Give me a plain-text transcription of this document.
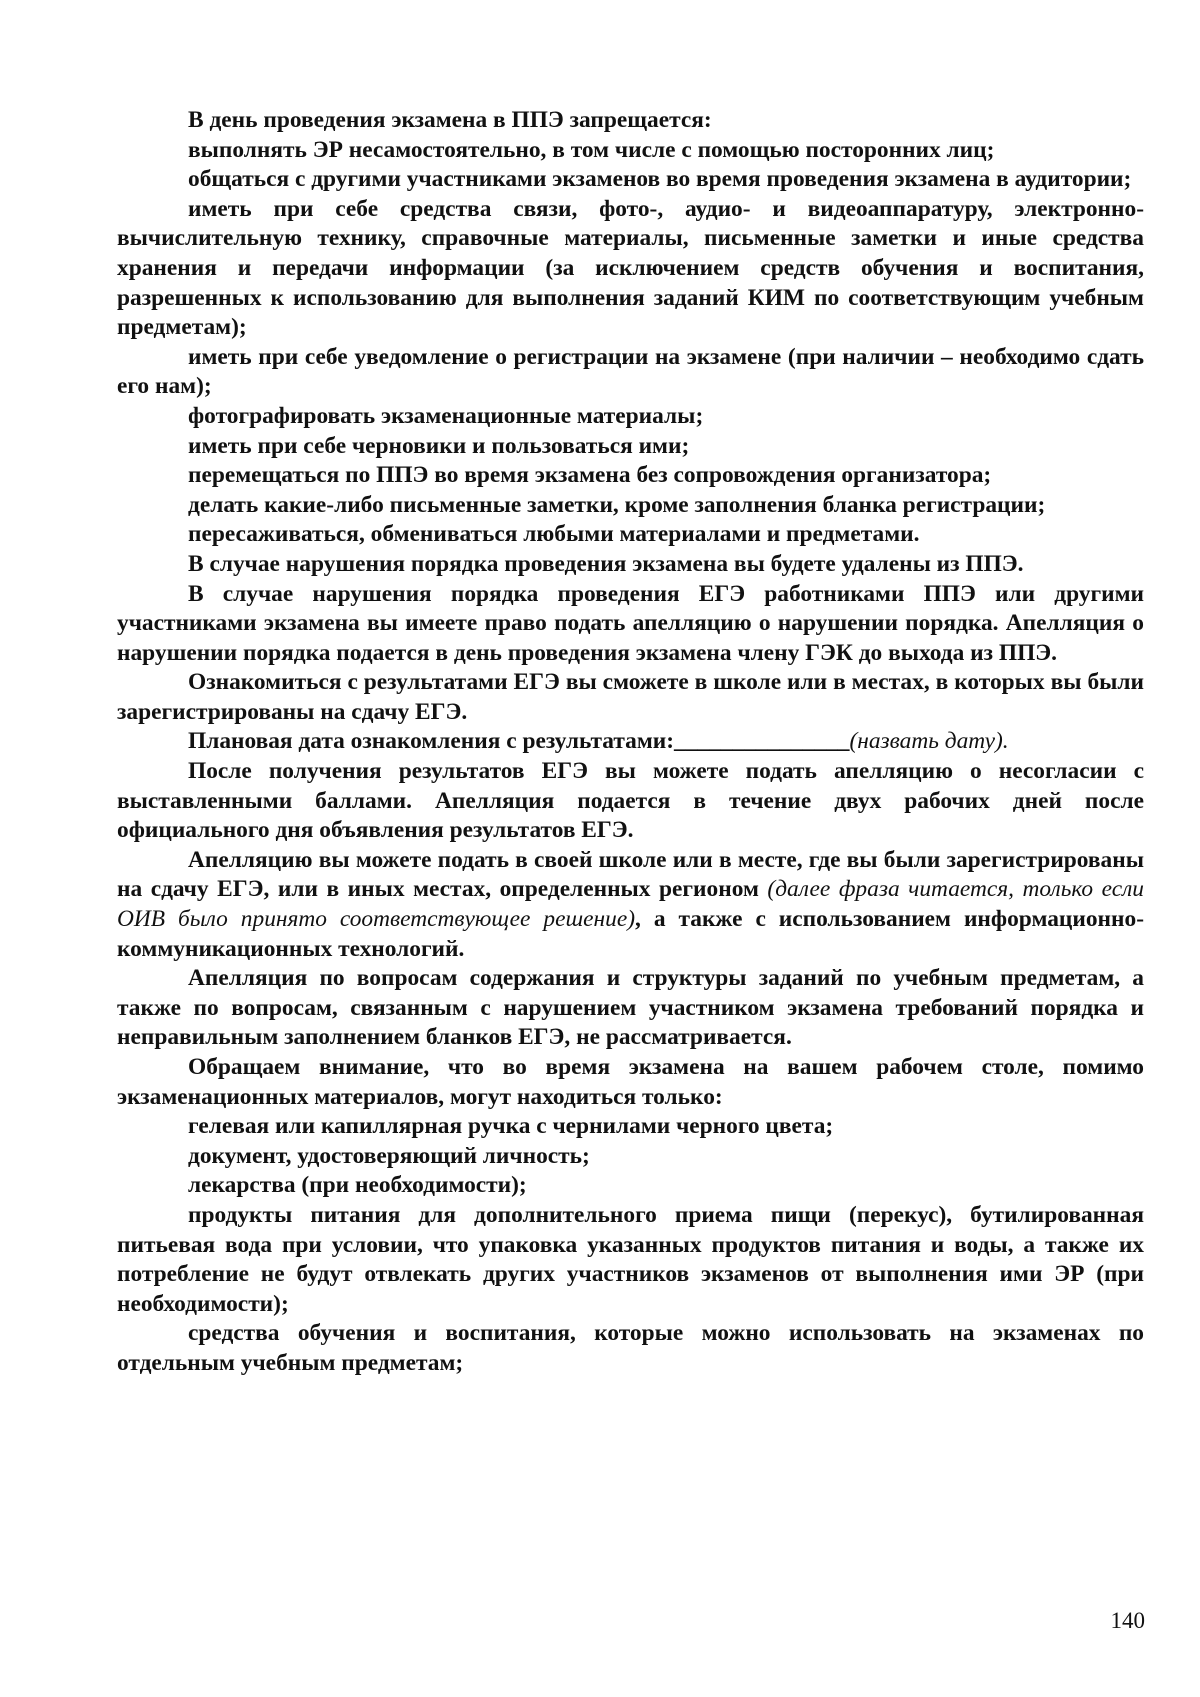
В день проведения экзамена в ППЭ запрещается:

выполнять ЭР несамостоятельно, в том числе с помощью посторонних лиц;

общаться с другими участниками экзаменов во время проведения экзамена в аудитории;

иметь при себе средства связи, фото-, аудио- и видеоаппаратуру, электронно-вычислительную технику, справочные материалы, письменные заметки и иные средства хранения и передачи информации (за исключением средств обучения и воспитания, разрешенных к использованию для выполнения заданий КИМ по соответствующим учебным предметам);

иметь при себе уведомление о регистрации на экзамене (при наличии – необходимо сдать его нам);

фотографировать экзаменационные материалы;

иметь при себе черновики и пользоваться ими;

перемещаться по ППЭ во время экзамена без сопровождения организатора;

делать какие-либо письменные заметки, кроме заполнения бланка регистрации;

пересаживаться, обмениваться любыми материалами и предметами.

В случае нарушения порядка проведения экзамена вы будете удалены из ППЭ.

В случае нарушения порядка проведения ЕГЭ работниками ППЭ или другими участниками экзамена вы имеете право подать апелляцию о нарушении порядка. Апелляция о нарушении порядка подается в день проведения экзамена члену ГЭК до выхода из ППЭ.

Ознакомиться с результатами ЕГЭ вы сможете в школе или в местах, в которых вы были зарегистрированы на сдачу ЕГЭ.

Плановая дата ознакомления с результатами:_______________(назвать дату).

После получения результатов ЕГЭ вы можете подать апелляцию о несогласии с выставленными баллами. Апелляция подается в течение двух рабочих дней после официального дня объявления результатов ЕГЭ.

Апелляцию вы можете подать в своей школе или в месте, где вы были зарегистрированы на сдачу ЕГЭ, или в иных местах, определенных регионом (далее фраза читается, только если ОИВ было принято соответствующее решение), а также с использованием информационно-коммуникационных технологий.

Апелляция по вопросам содержания и структуры заданий по учебным предметам, а также по вопросам, связанным с нарушением участником экзамена требований порядка и неправильным заполнением бланков ЕГЭ, не рассматривается.

Обращаем внимание, что во время экзамена на вашем рабочем столе, помимо экзаменационных материалов, могут находиться только:

гелевая или капиллярная ручка с чернилами черного цвета;

документ, удостоверяющий личность;

лекарства (при необходимости);

продукты питания для дополнительного приема пищи (перекус), бутилированная питьевая вода при условии, что упаковка указанных продуктов питания и воды, а также их потребление не будут отвлекать других участников экзаменов от выполнения ими ЭР (при необходимости);

средства обучения и воспитания, которые можно использовать на экзаменах по отдельным учебным предметам;

140
